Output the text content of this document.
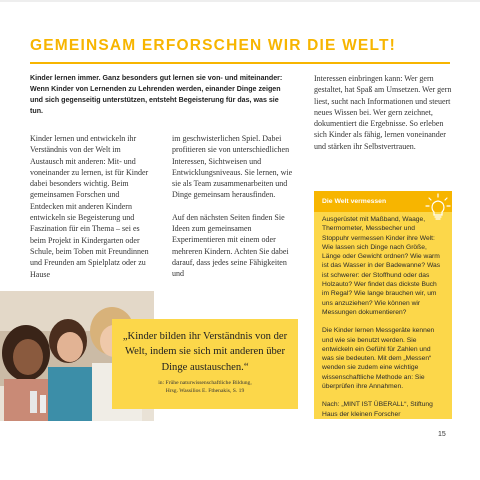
GEMEINSAM ERFORSCHEN WIR DIE WELT!
Kinder lernen immer. Ganz besonders gut lernen sie von- und miteinander: Wenn Kinder von Lernenden zu Lehrenden werden, einander Dinge zeigen und sich gegenseitig unterstützen, entsteht Begeisterung für das, was sie tun.

Kinder lernen und entwickeln ihr Verständnis von der Welt im Austausch mit anderen: Mit- und voneinander zu lernen, ist für Kinder dabei besonders wichtig. Beim gemeinsamen Forschen und Entdecken mit anderen Kindern entwickeln sie Begeisterung und Faszination für ein Thema – sei es beim Projekt in Kindergarten oder Schule, beim Toben mit Freundinnen und Freunden am Spielplatz oder zu Hause

im geschwisterlichen Spiel. Dabei profitieren sie von unterschiedlichen Interessen, Sichtweisen und Entwicklungsniveaus. Sie lernen, wie sie als Team zusammenarbeiten und Dinge gemeinsam herausfinden.

Auf den nächsten Seiten finden Sie Ideen zum gemeinsamen Experimentieren mit einem oder mehreren Kindern. Achten Sie dabei darauf, dass jedes seine Fähigkeiten und

Interessen einbringen kann: Wer gern gestaltet, hat Spaß am Umsetzen. Wer gern liest, sucht nach Informationen und steuert neues Wissen bei. Wer gern zeichnet, dokumentiert die Ergebnisse. So erleben sich Kinder als fähig, lernen voneinander und stärken ihr Selbstvertrauen.

Die Welt vermessen

Ausgerüstet mit Maßband, Waage, Thermometer, Messbecher und Stoppuhr vermessen Kinder ihre Welt: Wie lassen sich Dinge nach Größe, Länge oder Gewicht ordnen? Wie warm ist das Wasser in der Badewanne? Was ist schwerer: der Stoffhund oder das Holzauto? Wer findet das dickste Buch im Regal? Wie lange brauchen wir, um uns anzuziehen? Wie können wir Messungen dokumentieren?

Die Kinder lernen Messgeräte kennen und wie sie benutzt werden. Sie entwickeln ein Gefühl für Zahlen und was sie bedeuten. Mit dem „Messen“ wenden sie zudem eine wichtige wissenschaftliche Methode an: Sie überprüfen ihre Annahmen.

Nach: „MINT IST ÜBERALL“, Stiftung Haus der kleinen Forscher

„Kinder bilden ihr Verständnis von der Welt, indem sie sich mit anderen über Dinge austauschen.“
in: Frühe naturwissenschaftliche Bildung,
Hrsg. Wassilios E. Fthenakis, S. 19
15
